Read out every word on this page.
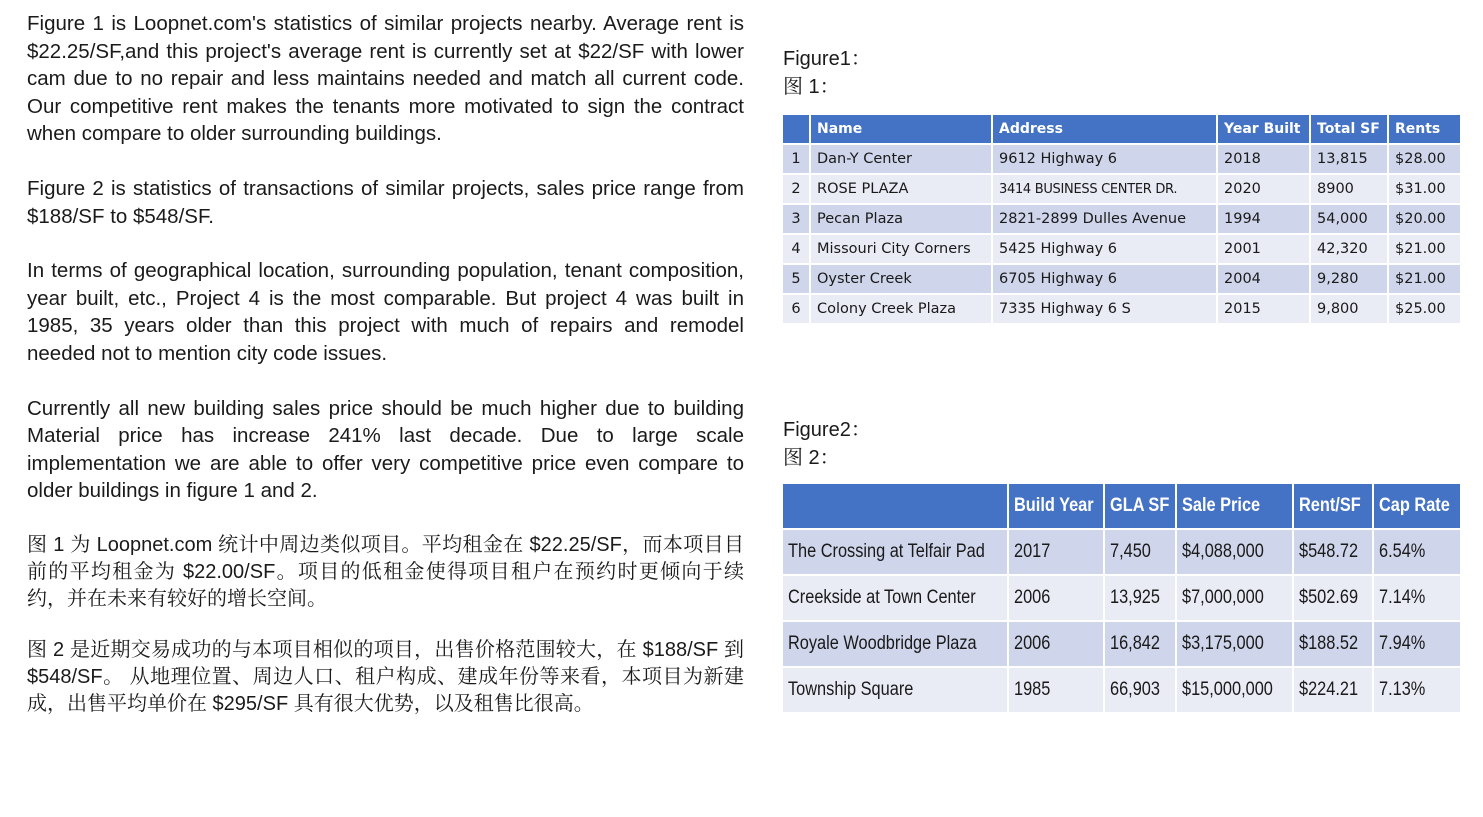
Figure 1 is Loopnet.com's statistics of similar projects nearby. Average rent is $22.25/SF,and this project's average rent is currently set at $22/SF with lower cam due to no repair and less maintains needed and match all current code. Our competitive rent makes the tenants more motivated to sign the contract when compare to older surrounding buildings.

Figure 2 is statistics of transactions of similar projects, sales price range from $188/SF to $548/SF.

In terms of geographical location, surrounding population, tenant composition, year built, etc., Project 4 is the most comparable. But project 4 was built in 1985, 35 years older than this project with much of repairs and remodel needed not to mention city code issues.

Currently all new building sales price should be much higher due to building Material price has increase 241% last decade. Due to large scale implementation we are able to offer very competitive price even compare to older buildings in figure 1 and 2.

图 1 为 Loopnet.com 统计中周边类似项目。平均租金在 $22.25/SF，而本项目目前的平均租金为 $22.00/SF。项目的低租金使得项目租户在预约时更倾向于续约，并在未来有较好的增长空间。

图 2 是近期交易成功的与本项目相似的项目，出售价格范围较大，在 $188/SF 到 $548/SF。 从地理位置、周边人口、租户构成、建成年份等来看，本项目为新建成，出售平均单价在 $295/SF 具有很大优势，以及租售比很高。

Figure1：
图 1：
	Name	Address	Year Built	Total SF	Rents
1	Dan-Y Center	9612 Highway 6	2018	13,815	$28.00
2	ROSE PLAZA	3414 BUSINESS CENTER DR.	2020	8900	$31.00
3	Pecan Plaza	2821-2899 Dulles Avenue	1994	54,000	$20.00
4	Missouri City Corners	5425 Highway 6	2001	42,320	$21.00
5	Oyster Creek	6705 Highway 6	2004	9,280	$21.00
6	Colony Creek Plaza	7335 Highway 6 S	2015	9,800	$25.00
Figure2：
图 2：
	Build Year	GLA SF	Sale Price	Rent/SF	Cap Rate
The Crossing at Telfair Pad	2017	7,450	$4,088,000	$548.72	6.54%
Creekside at Town Center	2006	13,925	$7,000,000	$502.69	7.14%
Royale Woodbridge Plaza	2006	16,842	$3,175,000	$188.52	7.94%
Township Square	1985	66,903	$15,000,000	$224.21	7.13%
